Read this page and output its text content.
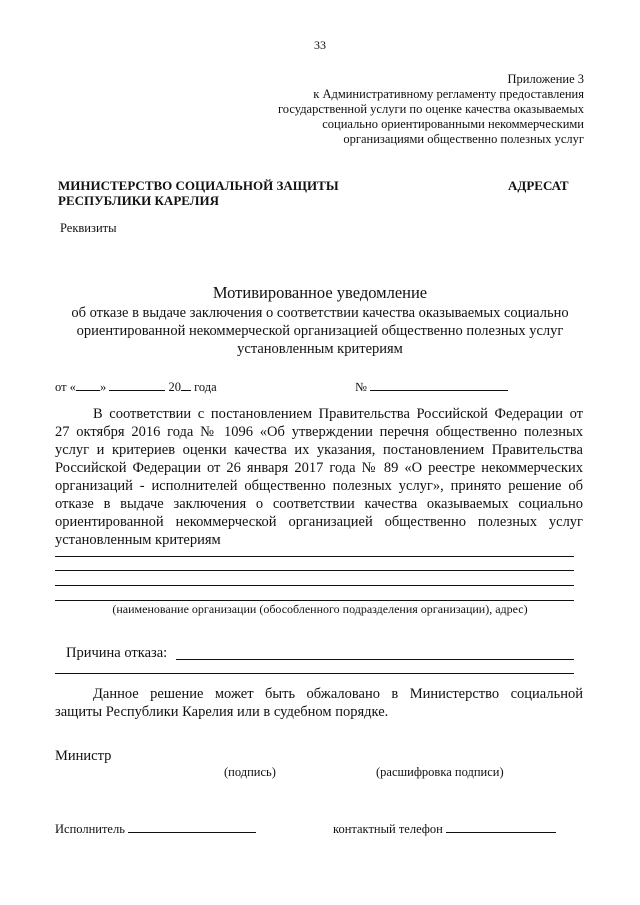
33
Приложение 3
к Административному регламенту предоставления
государственной услуги по оценке качества оказываемых
социально ориентированными некоммерческими
организациями общественно полезных услуг
МИНИСТЕРСТВО СОЦИАЛЬНОЙ ЗАЩИТЫ
РЕСПУБЛИКИ КАРЕЛИЯ
АДРЕСАТ
Реквизиты
Мотивированное уведомление
об отказе в выдаче заключения о соответствии качества оказываемых социально
ориентированной некоммерческой организацией общественно полезных услуг
установленным критериям
от « »	20 года	№
В соответствии с постановлением Правительства Российской Федерации от
27 октября 2016 года № 1096 «Об утверждении перечня общественно полезных
услуг и критериев оценки качества их указания, постановлением Правительства
Российской Федерации от 26 января 2017 года № 89 «О реестре некоммерческих
организаций - исполнителей общественно полезных услуг», принято решение об
отказе в выдаче заключения о соответствии качества оказываемых социально
ориентированной некоммерческой организацией общественно полезных услуг
установленным критериям
(наименование организации (обособленного подразделения организации), адрес)
Причина отказа:
Данное решение может быть обжаловано в Министерство социальной
защиты Республики Карелия или в судебном порядке.
Министр
(подпись)	(расшифровка подписи)
Исполнитель	контактный телефон
